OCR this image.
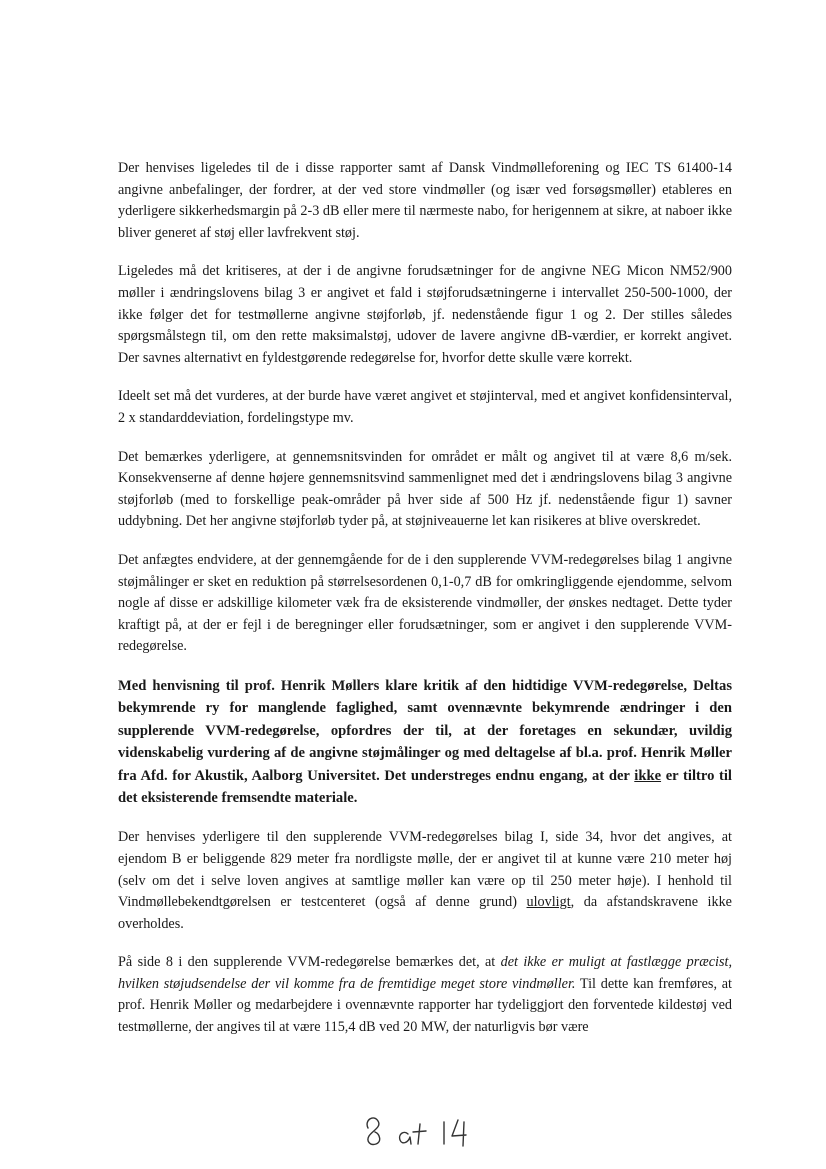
Der henvises ligeledes til de i disse rapporter samt af Dansk Vindmølleforening og IEC TS 61400-14 angivne anbefalinger, der fordrer, at der ved store vindmøller (og især ved forsøgsmøller) etableres en yderligere sikkerhedsmargin på 2-3 dB eller mere til nærmeste nabo, for herigennem at sikre, at naboer ikke bliver generet af støj eller lavfrekvent støj.

Ligeledes må det kritiseres, at der i de angivne forudsætninger for de angivne NEG Micon NM52/900 møller i ændringslovens bilag 3 er angivet et fald i støjforudsætningerne i intervallet 250-500-1000, der ikke følger det for testmøllerne angivne støjforløb, jf. nedenstående figur 1 og 2. Der stilles således spørgsmålstegn til, om den rette maksimalstøj, udover de lavere angivne dB-værdier, er korrekt angivet. Der savnes alternativt en fyldestgørende redegørelse for, hvorfor dette skulle være korrekt.

Ideelt set må det vurderes, at der burde have været angivet et støjinterval, med et angivet konfidensinterval, 2 x standarddeviation, fordelingstype mv.

Det bemærkes yderligere, at gennemsnitsvinden for området er målt og angivet til at være 8,6 m/sek. Konsekvenserne af denne højere gennemsnitsvind sammenlignet med det i ændringslovens bilag 3 angivne støjforløb (med to forskellige peak-områder på hver side af 500 Hz jf. nedenstående figur 1) savner uddybning. Det her angivne støjforløb tyder på, at støjniveauerne let kan risikeres at blive overskredet.

Det anfægtes endvidere, at der gennemgående for de i den supplerende VVM-redegørelses bilag 1 angivne støjmålinger er sket en reduktion på størrelsesordenen 0,1-0,7 dB for omkringliggende ejendomme, selvom nogle af disse er adskillige kilometer væk fra de eksisterende vindmøller, der ønskes nedtaget. Dette tyder kraftigt på, at der er fejl i de beregninger eller forudsætninger, som er angivet i den supplerende VVM-redegørelse.

Med henvisning til prof. Henrik Møllers klare kritik af den hidtidige VVM-redegørelse, Deltas bekymrende ry for manglende faglighed, samt ovennævnte bekymrende ændringer i den supplerende VVM-redegørelse, opfordres der til, at der foretages en sekundær, uvildig videnskabelig vurdering af de angivne støjmålinger og med deltagelse af bl.a. prof. Henrik Møller fra Afd. for Akustik, Aalborg Universitet. Det understreges endnu engang, at der ikke er tiltro til det eksisterende fremsendte materiale.

Der henvises yderligere til den supplerende VVM-redegørelses bilag I, side 34, hvor det angives, at ejendom B er beliggende 829 meter fra nordligste mølle, der er angivet til at kunne være 210 meter høj (selv om det i selve loven angives at samtlige møller kan være op til 250 meter høje). I henhold til Vindmøllebekendtgørelsen er testcenteret (også af denne grund) ulovligt, da afstandskravene ikke overholdes.

På side 8 i den supplerende VVM-redegørelse bemærkes det, at det ikke er muligt at fastlægge præcist, hvilken støjudsendelse der vil komme fra de fremtidige meget store vindmøller. Til dette kan fremføres, at prof. Henrik Møller og medarbejdere i ovennævnte rapporter har tydeliggjort den forventede kildestøj ved testmøllerne, der angives til at være 115,4 dB ved 20 MW, der naturligvis bør være
